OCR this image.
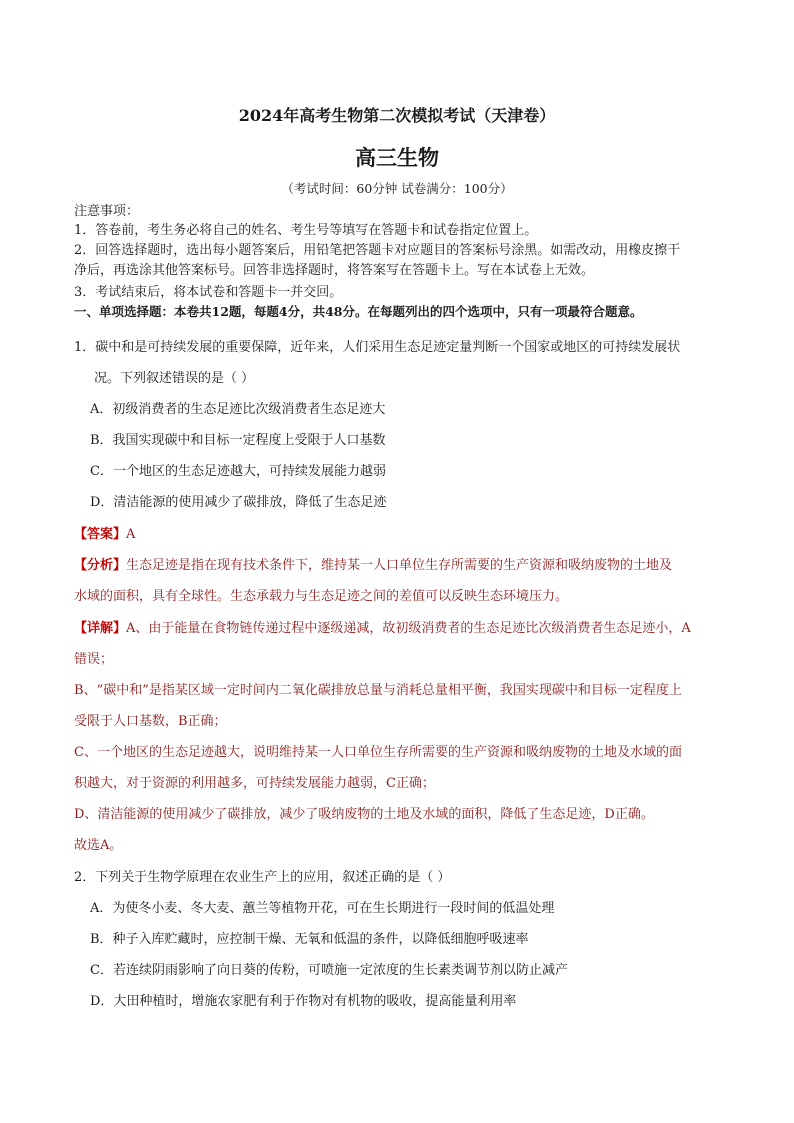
2024年高考生物第二次模拟考试（天津卷）
高三生物
（考试时间：60分钟 试卷满分：100分）
注意事项：
1．答卷前，考生务必将自己的姓名、考生号等填写在答题卡和试卷指定位置上。
2．回答选择题时，选出每小题答案后，用铅笔把答题卡对应题目的答案标号涂黑。如需改动，用橡皮擦干
净后，再选涂其他答案标号。回答非选择题时，将答案写在答题卡上。写在本试卷上无效。
3．考试结束后，将本试卷和答题卡一并交回。
一、单项选择题：本卷共12题，每题4分，共48分。在每题列出的四个选项中，只有一项最符合题意。
1．碳中和是可持续发展的重要保障，近年来，人们采用生态足迹定量判断一个国家或地区的可持续发展状
况。下列叙述错误的是（ ）
A．初级消费者的生态足迹比次级消费者生态足迹大
B．我国实现碳中和目标一定程度上受限于人口基数
C．一个地区的生态足迹越大，可持续发展能力越弱
D．清洁能源的使用减少了碳排放，降低了生态足迹
【答案】A
【分析】生态足迹是指在现有技术条件下，维持某一人口单位生存所需要的生产资源和吸纳废物的土地及
水域的面积，具有全球性。生态承载力与生态足迹之间的差值可以反映生态环境压力。
【详解】A、由于能量在食物链传递过程中逐级递减，故初级消费者的生态足迹比次级消费者生态足迹小，A
错误；
B、“碳中和”是指某区域一定时间内二氧化碳排放总量与消耗总量相平衡，我国实现碳中和目标一定程度上
受限于人口基数，B正确；
C、一个地区的生态足迹越大，说明维持某一人口单位生存所需要的生产资源和吸纳废物的土地及水域的面
积越大，对于资源的利用越多，可持续发展能力越弱，C正确；
D、清洁能源的使用减少了碳排放，减少了吸纳废物的土地及水域的面积，降低了生态足迹，D正确。
故选A。
2．下列关于生物学原理在农业生产上的应用，叙述正确的是（ ）
A．为使冬小麦、冬大麦、蕙兰等植物开花，可在生长期进行一段时间的低温处理
B．种子入库贮藏时，应控制干燥、无氧和低温的条件，以降低细胞呼吸速率
C．若连续阴雨影响了向日葵的传粉，可喷施一定浓度的生长素类调节剂以防止减产
D．大田种植时，增施农家肥有利于作物对有机物的吸收，提高能量利用率
